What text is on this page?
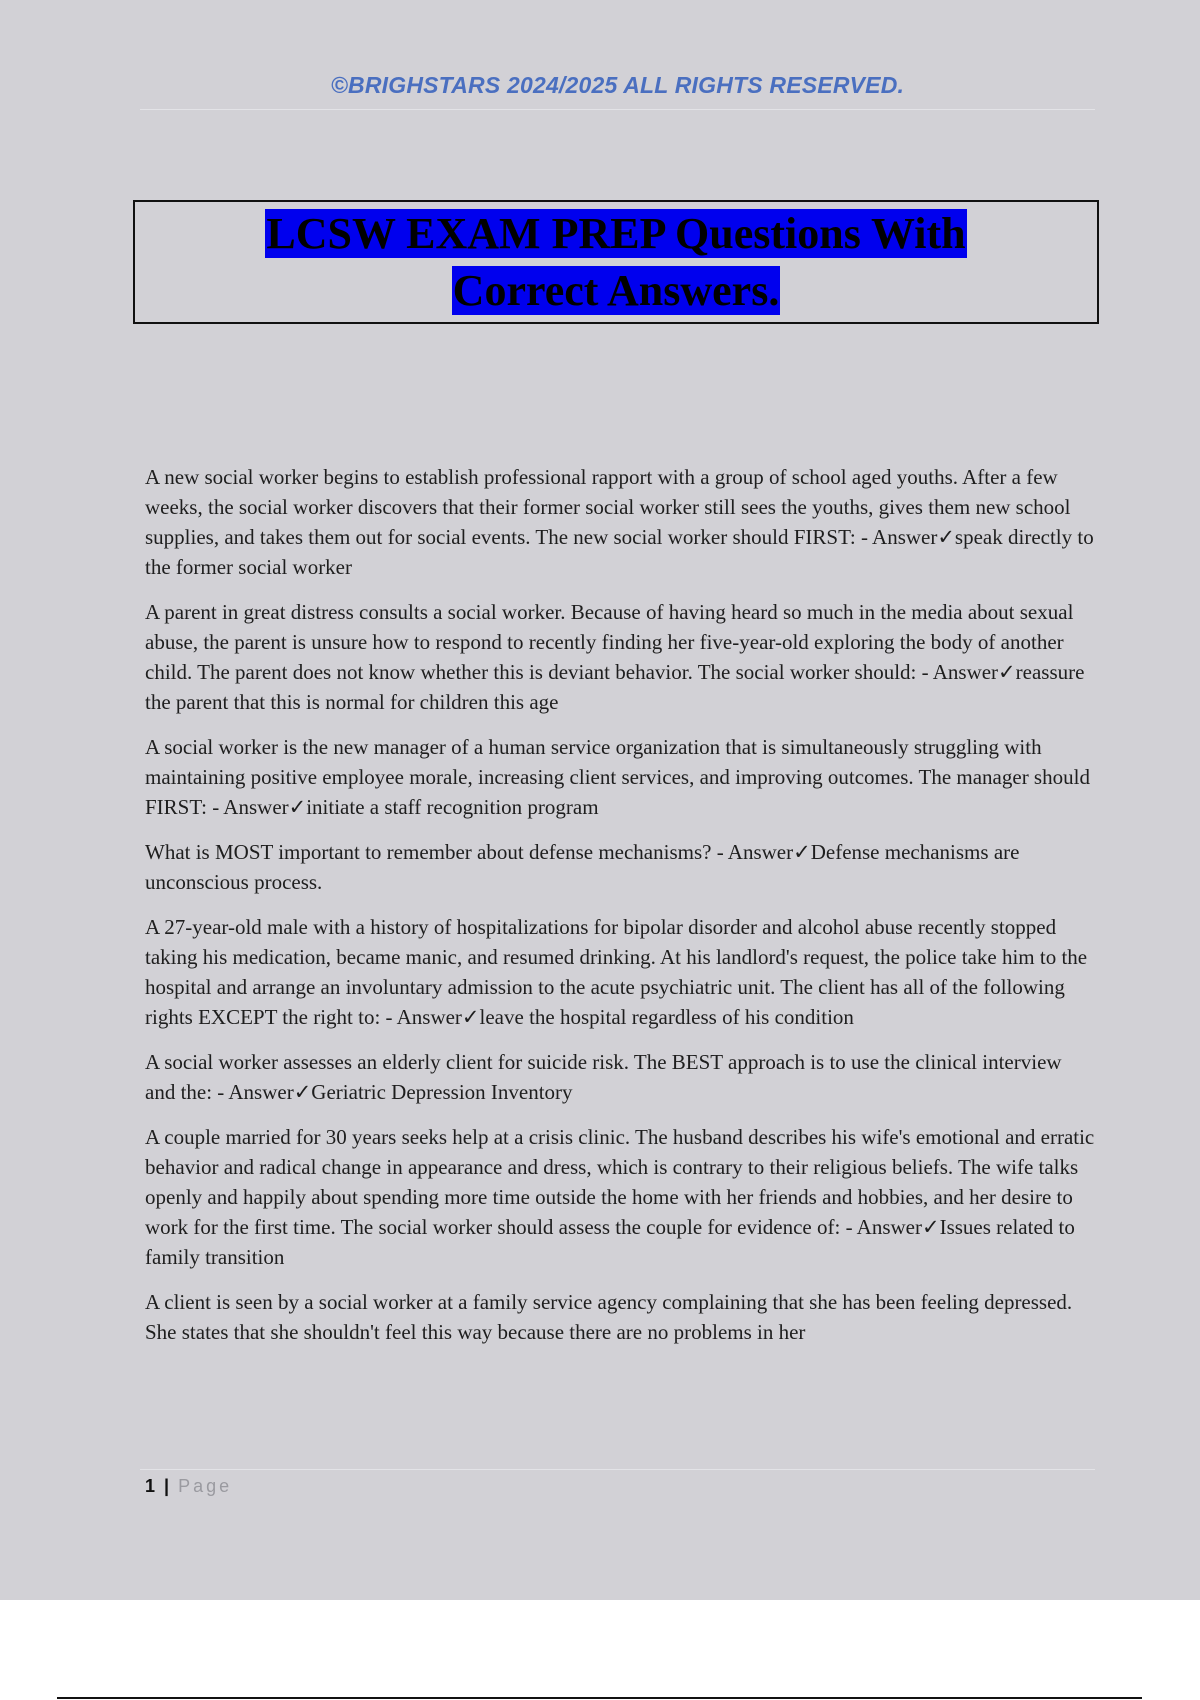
©BRIGHSTARS 2024/2025 ALL RIGHTS RESERVED.
LCSW EXAM PREP Questions With
Correct Answers.

A new social worker begins to establish professional rapport with a group of school aged youths. After a few weeks, the social worker discovers that their former social worker still sees the youths, gives them new school supplies, and takes them out for social events. The new social worker should FIRST: - Answer✓speak directly to the former social worker

A parent in great distress consults a social worker. Because of having heard so much in the media about sexual abuse, the parent is unsure how to respond to recently finding her five-year-old exploring the body of another child. The parent does not know whether this is deviant behavior. The social worker should: - Answer✓reassure the parent that this is normal for children this age

A social worker is the new manager of a human service organization that is simultaneously struggling with maintaining positive employee morale, increasing client services, and improving outcomes. The manager should FIRST: - Answer✓initiate a staff recognition program

What is MOST important to remember about defense mechanisms? - Answer✓Defense mechanisms are unconscious process.

A 27-year-old male with a history of hospitalizations for bipolar disorder and alcohol abuse recently stopped taking his medication, became manic, and resumed drinking. At his landlord's request, the police take him to the hospital and arrange an involuntary admission to the acute psychiatric unit. The client has all of the following rights EXCEPT the right to: - Answer✓leave the hospital regardless of his condition

A social worker assesses an elderly client for suicide risk. The BEST approach is to use the clinical interview and the: - Answer✓Geriatric Depression Inventory

A couple married for 30 years seeks help at a crisis clinic. The husband describes his wife's emotional and erratic behavior and radical change in appearance and dress, which is contrary to their religious beliefs. The wife talks openly and happily about spending more time outside the home with her friends and hobbies, and her desire to work for the first time. The social worker should assess the couple for evidence of: - Answer✓Issues related to family transition

A client is seen by a social worker at a family service agency complaining that she has been feeling depressed. She states that she shouldn't feel this way because there are no problems in her

1 | Page
